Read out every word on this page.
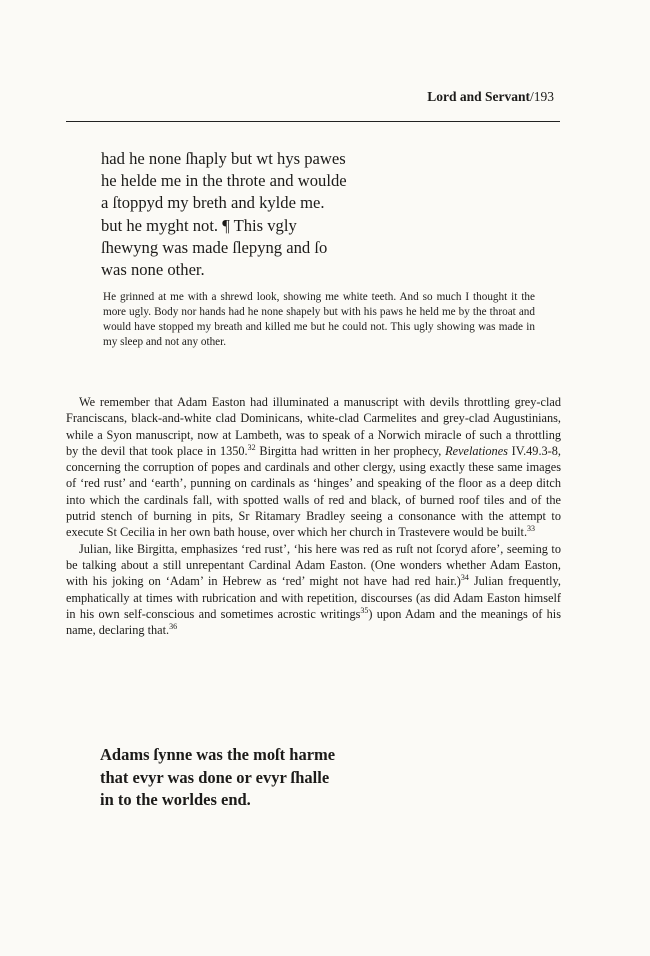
Lord and Servant/193
had he none ſhaply but wt hys pawes
he helde me in the throte and woulde
a ſtoppyd my breth and kylde me.
but he myght not. ¶ This vgly
ſhewyng was made ſlepyng and ſo
was none other.
He grinned at me with a shrewd look, showing me white teeth. And so much I thought it the more ugly. Body nor hands had he none shapely but with his paws he held me by the throat and would have stopped my breath and killed me but he could not. This ugly showing was made in my sleep and not any other.

We remember that Adam Easton had illuminated a manuscript with devils throttling grey-clad Franciscans, black-and-white clad Dominicans, white-clad Carmelites and grey-clad Augustinians, while a Syon manuscript, now at Lambeth, was to speak of a Norwich miracle of such a throttling by the devil that took place in 1350.32 Birgitta had written in her prophecy, Revelationes IV.49.3-8, concerning the corruption of popes and cardinals and other clergy, using exactly these same images of ‘red rust’ and ‘earth’, punning on cardinals as ‘hinges’ and speaking of the floor as a deep ditch into which the cardinals fall, with spotted walls of red and black, of burned roof tiles and of the putrid stench of burning in pits, Sr Ritamary Bradley seeing a consonance with the attempt to execute St Cecilia in her own bath house, over which her church in Trastevere would be built.$^{33}$

Julian, like Birgitta, emphasizes ‘red rust’, ‘his here was red as ruſt not ſcoryd afore’, seeming to be talking about a still unrepentant Cardinal Adam Easton. (One wonders whether Adam Easton, with his joking on ‘Adam’ in Hebrew as ‘red’ might not have had red hair.)$^{34}$ Julian frequently, emphatically at times with rubrication and with repetition, discourses (as did Adam Easton himself in his own self-conscious and sometimes acrostic writings$^{35}$) upon Adam and the meanings of his name, declaring that.$^{36}$

Adams ſynne was the moſt harme
that evyr was done or evyr ſhalle
in to the worldes end.
